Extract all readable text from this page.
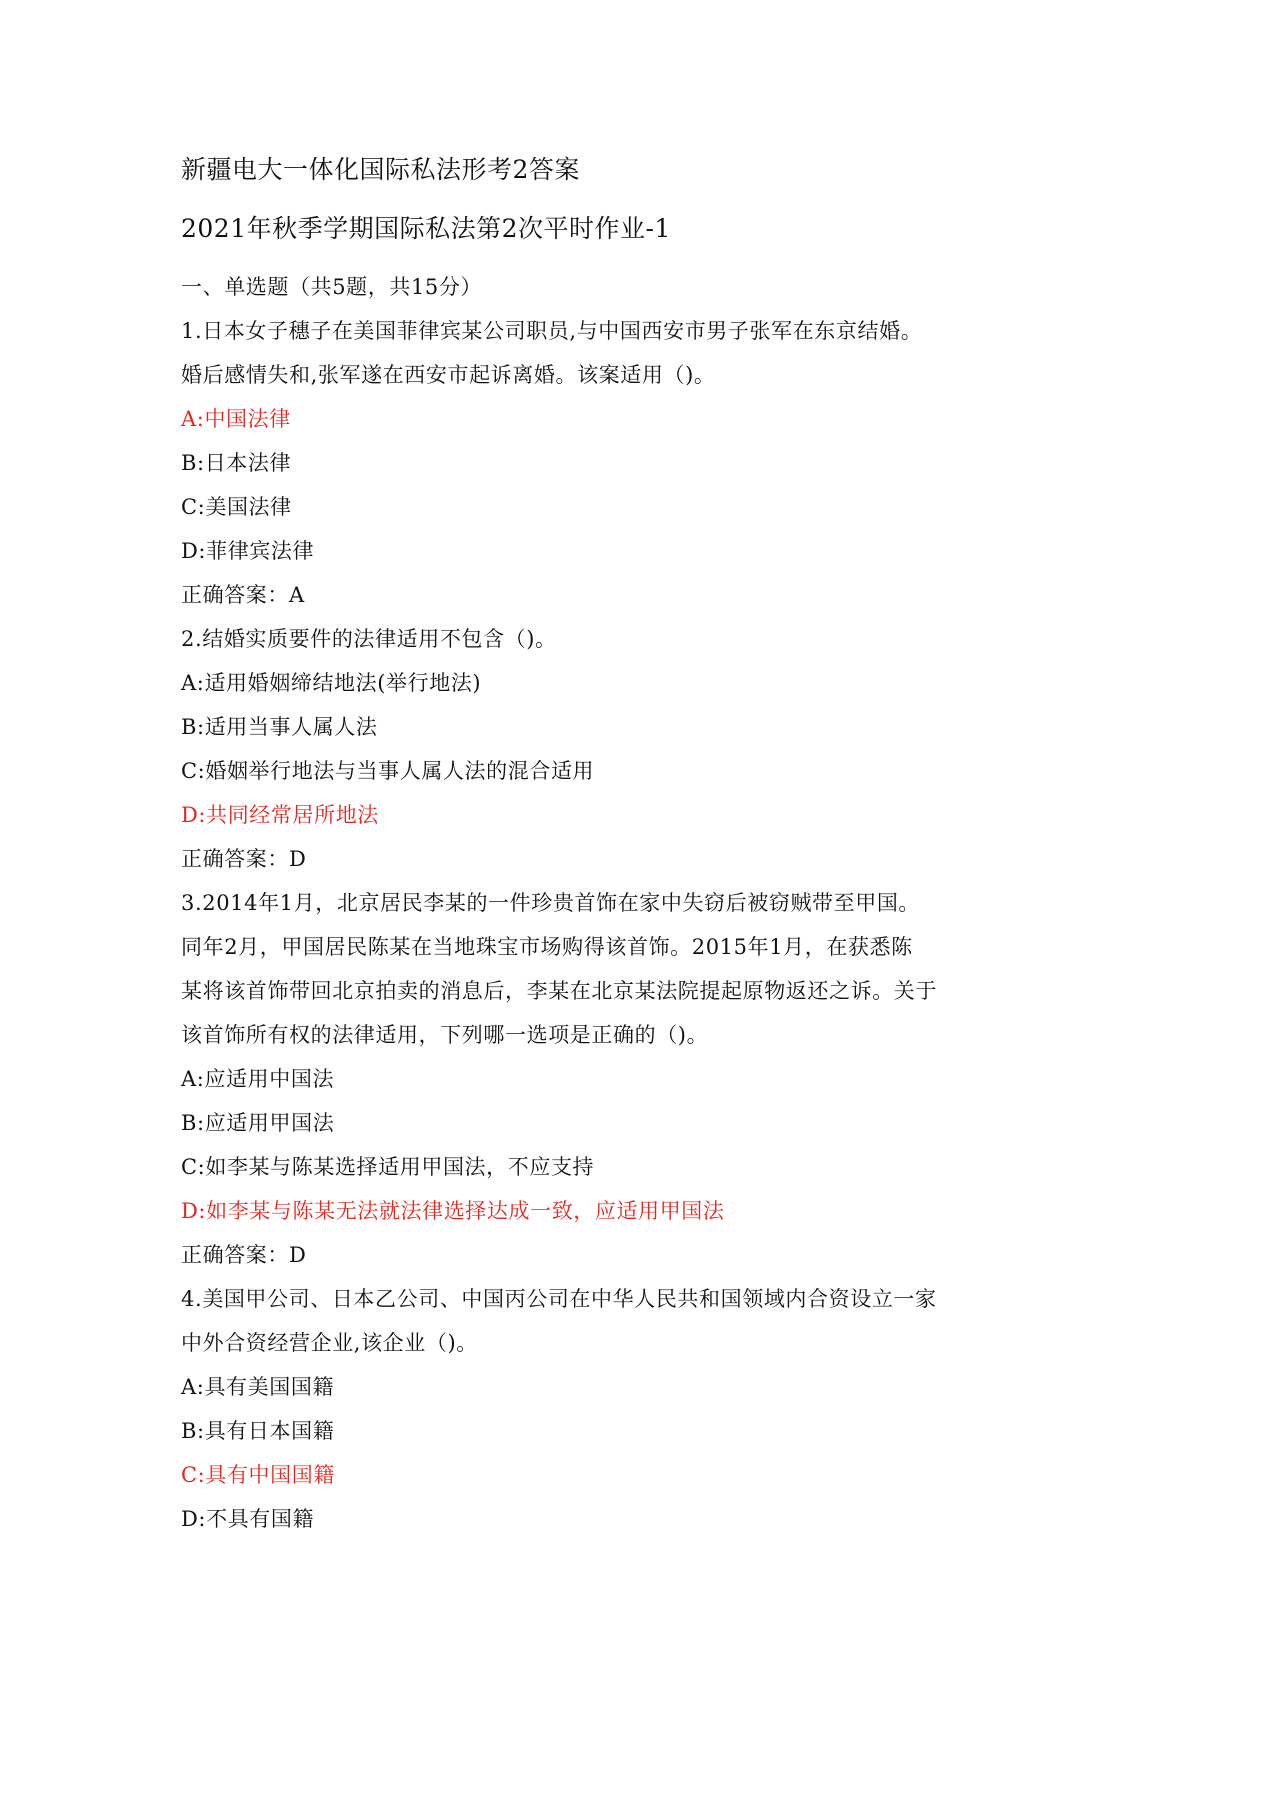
新疆电大一体化国际私法形考2答案
2021年秋季学期国际私法第2次平时作业-1
一、单选题（共5题，共15分）
1.日本女子穗子在美国菲律宾某公司职员,与中国西安市男子张军在东京结婚。
婚后感情失和,张军遂在西安市起诉离婚。该案适用（)。
A:中国法律
B:日本法律
C:美国法律
D:菲律宾法律
正确答案：A
2.结婚实质要件的法律适用不包含（)。
A:适用婚姻缔结地法(举行地法)
B:适用当事人属人法
C:婚姻举行地法与当事人属人法的混合适用
D:共同经常居所地法
正确答案：D
3.2014年1月，北京居民李某的一件珍贵首饰在家中失窃后被窃贼带至甲国。
同年2月，甲国居民陈某在当地珠宝市场购得该首饰。2015年1月，在获悉陈
某将该首饰带回北京拍卖的消息后，李某在北京某法院提起原物返还之诉。关于
该首饰所有权的法律适用，下列哪一选项是正确的（)。
A:应适用中国法
B:应适用甲国法
C:如李某与陈某选择适用甲国法，不应支持
D:如李某与陈某无法就法律选择达成一致，应适用甲国法
正确答案：D
4.美国甲公司、日本乙公司、中国丙公司在中华人民共和国领域内合资设立一家
中外合资经营企业,该企业（)。
A:具有美国国籍
B:具有日本国籍
C:具有中国国籍
D:不具有国籍
